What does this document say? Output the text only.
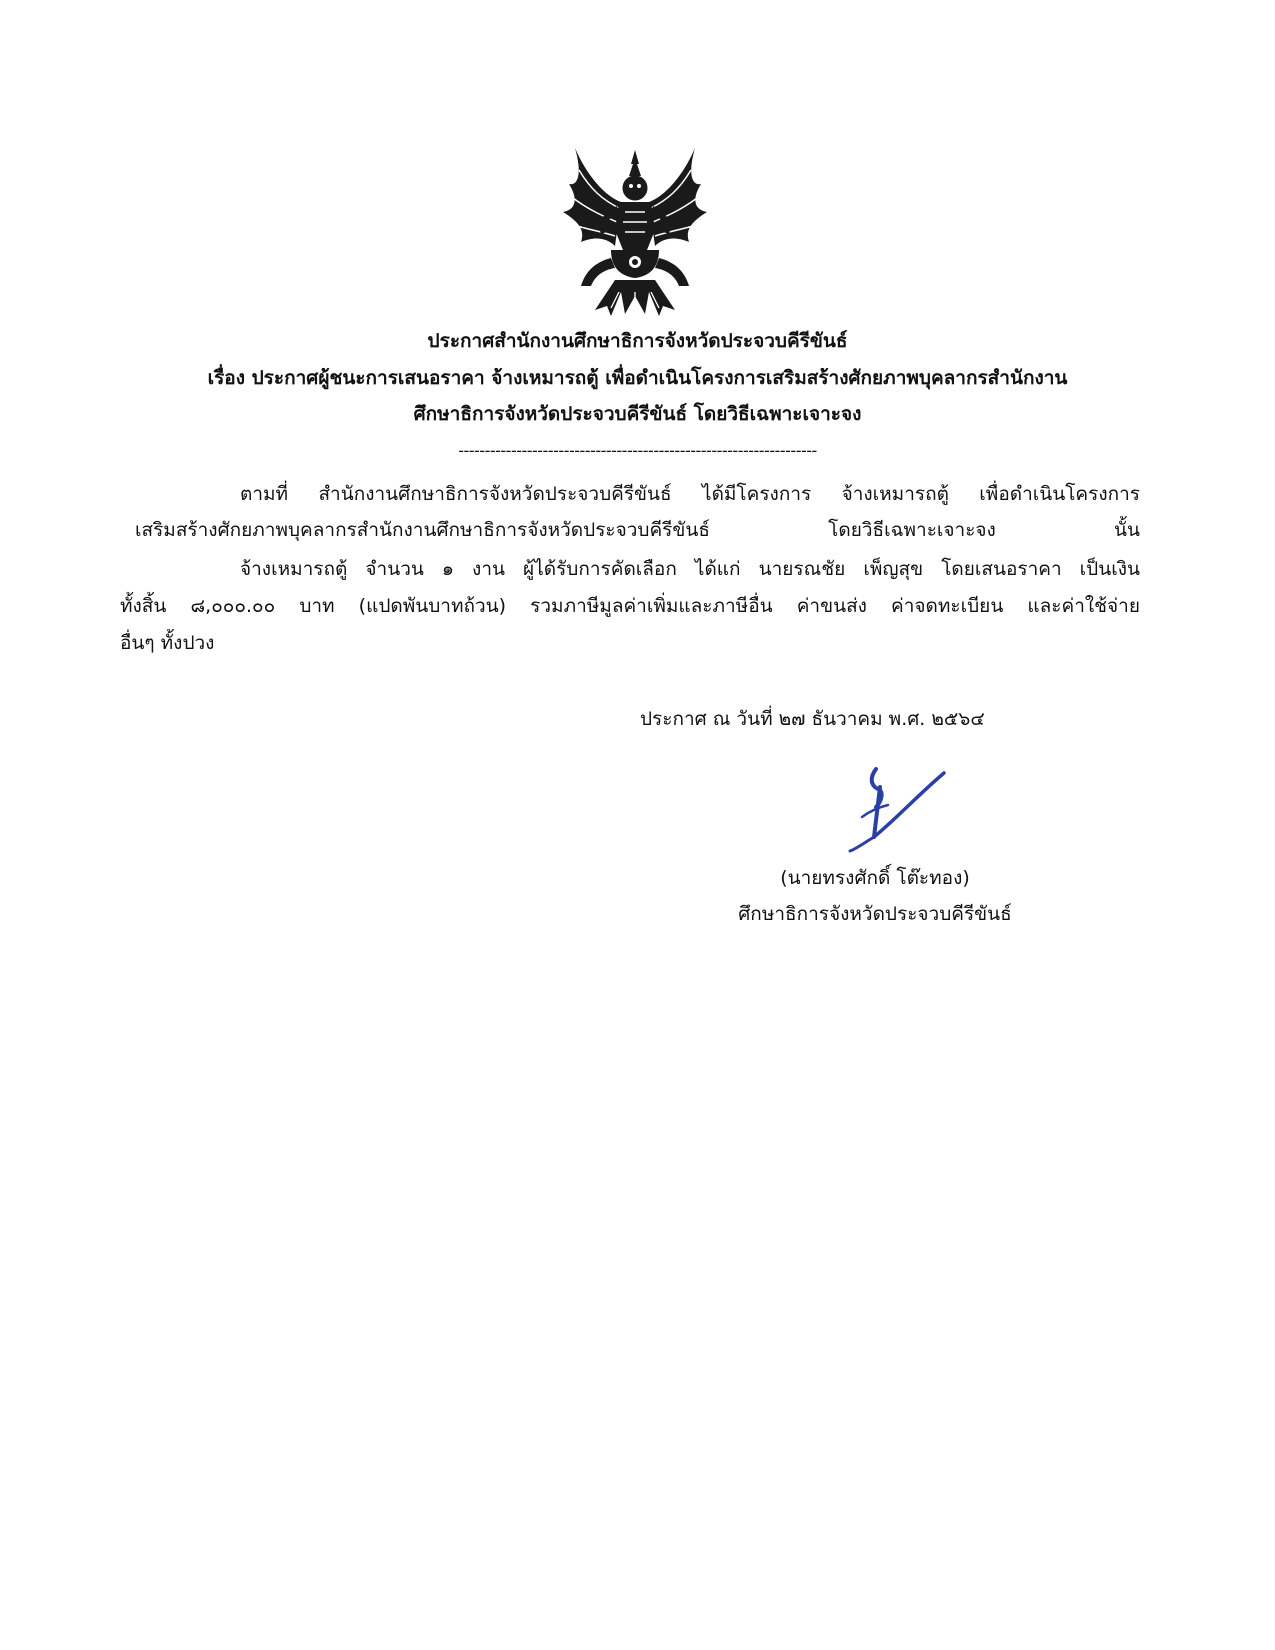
ประกาศสำนักงานศึกษาธิการจังหวัดประจวบคีรีขันธ์
เรื่อง ประกาศผู้ชนะการเสนอราคา จ้างเหมารถตู้ เพื่อดำเนินโครงการเสริมสร้างศักยภาพบุคลากรสำนักงาน
ศึกษาธิการจังหวัดประจวบคีรีขันธ์ โดยวิธีเฉพาะเจาะจง
--------------------------------------------------------------------
ตามที่ สำนักงานศึกษาธิการจังหวัดประจวบคีรีขันธ์ ได้มีโครงการ จ้างเหมารถตู้ เพื่อดำเนินโครงการ
เสริมสร้างศักยภาพบุคลากรสำนักงานศึกษาธิการจังหวัดประจวบคีรีขันธ์ โดยวิธีเฉพาะเจาะจง นั้น
จ้างเหมารถตู้ จำนวน ๑ งาน ผู้ได้รับการคัดเลือก ได้แก่ นายรณชัย เพ็ญสุข โดยเสนอราคา เป็นเงิน
ทั้งสิ้น ๘,๐๐๐.๐๐ บาท (แปดพันบาทถ้วน) รวมภาษีมูลค่าเพิ่มและภาษีอื่น ค่าขนส่ง ค่าจดทะเบียน และค่าใช้จ่าย
อื่นๆ ทั้งปวง
ประกาศ ณ วันที่ ๒๗ ธันวาคม พ.ศ. ๒๕๖๔
(นายทรงศักดิ์ โต๊ะทอง)
ศึกษาธิการจังหวัดประจวบคีรีขันธ์
